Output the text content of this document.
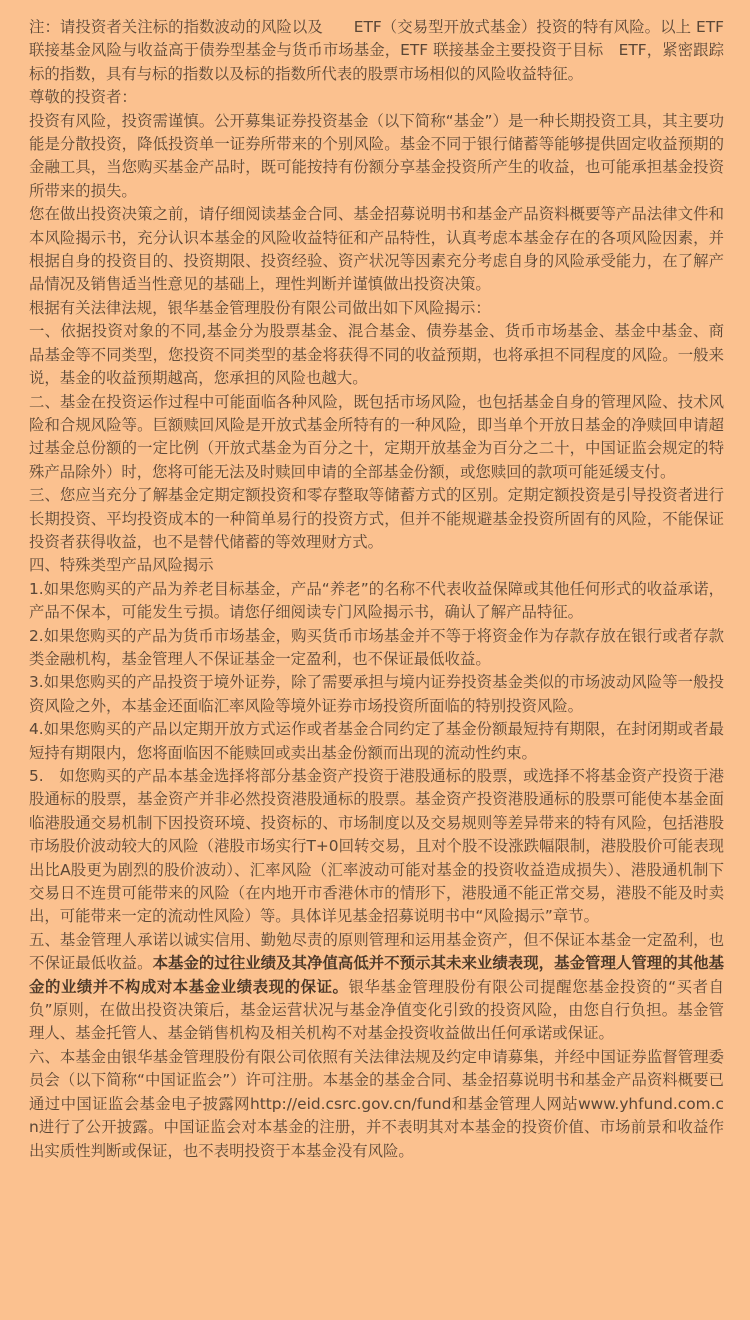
注：请投资者关注标的指数波动的风险以及　　ETF（交易型开放式基金）投资的特有风险。以上 ETF 联接基金风险与收益高于债券型基金与货币市场基金，ETF 联接基金主要投资于目标　ETF，紧密跟踪标的指数，具有与标的指数以及标的指数所代表的股票市场相似的风险收益特征。

尊敬的投资者：

投资有风险，投资需谨慎。公开募集证券投资基金（以下简称“基金”）是一种长期投资工具，其主要功能是分散投资，降低投资单一证券所带来的个别风险。基金不同于银行储蓄等能够提供固定收益预期的金融工具，当您购买基金产品时，既可能按持有份额分享基金投资所产生的收益，也可能承担基金投资所带来的损失。

您在做出投资决策之前，请仔细阅读基金合同、基金招募说明书和基金产品资料概要等产品法律文件和本风险揭示书，充分认识本基金的风险收益特征和产品特性，认真考虑本基金存在的各项风险因素，并根据自身的投资目的、投资期限、投资经验、资产状况等因素充分考虑自身的风险承受能力，在了解产品情况及销售适当性意见的基础上，理性判断并谨慎做出投资决策。

根据有关法律法规，银华基金管理股份有限公司做出如下风险揭示：

一、依据投资对象的不同,基金分为股票基金、混合基金、债券基金、货币市场基金、基金中基金、商品基金等不同类型，您投资不同类型的基金将获得不同的收益预期，也将承担不同程度的风险。一般来说，基金的收益预期越高，您承担的风险也越大。

二、基金在投资运作过程中可能面临各种风险，既包括市场风险，也包括基金自身的管理风险、技术风险和合规风险等。巨额赎回风险是开放式基金所特有的一种风险，即当单个开放日基金的净赎回申请超过基金总份额的一定比例（开放式基金为百分之十，定期开放基金为百分之二十，中国证监会规定的特殊产品除外）时，您将可能无法及时赎回申请的全部基金份额，或您赎回的款项可能延缓支付。

三、您应当充分了解基金定期定额投资和零存整取等储蓄方式的区别。定期定额投资是引导投资者进行长期投资、平均投资成本的一种简单易行的投资方式，但并不能规避基金投资所固有的风险，不能保证投资者获得收益，也不是替代储蓄的等效理财方式。

四、特殊类型产品风险揭示

1.如果您购买的产品为养老目标基金，产品“养老”的名称不代表收益保障或其他任何形式的收益承诺，产品不保本，可能发生亏损。请您仔细阅读专门风险揭示书，确认了解产品特征。

2.如果您购买的产品为货币市场基金，购买货币市场基金并不等于将资金作为存款存放在银行或者存款类金融机构，基金管理人不保证基金一定盈利，也不保证最低收益。

3.如果您购买的产品投资于境外证券，除了需要承担与境内证券投资基金类似的市场波动风险等一般投资风险之外，本基金还面临汇率风险等境外证券市场投资所面临的特别投资风险。

4.如果您购买的产品以定期开放方式运作或者基金合同约定了基金份额最短持有期限，在封闭期或者最短持有期限内，您将面临因不能赎回或卖出基金份额而出现的流动性约束。

5.　如您购买的产品本基金选择将部分基金资产投资于港股通标的股票，或选择不将基金资产投资于港股通标的股票，基金资产并非必然投资港股通标的股票。基金资产投资港股通标的股票可能使本基金面临港股通交易机制下因投资环境、投资标的、市场制度以及交易规则等差异带来的特有风险，包括港股市场股价波动较大的风险（港股市场实行T+0回转交易，且对个股不设涨跌幅限制，港股股价可能表现出比A股更为剧烈的股价波动）、汇率风险（汇率波动可能对基金的投资收益造成损失）、港股通机制下交易日不连贯可能带来的风险（在内地开市香港休市的情形下，港股通不能正常交易，港股不能及时卖出，可能带来一定的流动性风险）等。具体详见基金招募说明书中“风险揭示”章节。

五、基金管理人承诺以诚实信用、勤勉尽责的原则管理和运用基金资产，但不保证本基金一定盈利，也不保证最低收益。本基金的过往业绩及其净值高低并不预示其未来业绩表现，基金管理人管理的其他基金的业绩并不构成对本基金业绩表现的保证。银华基金管理股份有限公司提醒您基金投资的“买者自负”原则，在做出投资决策后，基金运营状况与基金净值变化引致的投资风险，由您自行负担。基金管理人、基金托管人、基金销售机构及相关机构不对基金投资收益做出任何承诺或保证。

六、本基金由银华基金管理股份有限公司依照有关法律法规及约定申请募集，并经中国证券监督管理委员会（以下简称“中国证监会”）许可注册。本基金的基金合同、基金招募说明书和基金产品资料概要已通过中国证监会基金电子披露网http://eid.csrc.gov.cn/fund和基金管理人网站www.yhfund.com.cn进行了公开披露。中国证监会对本基金的注册，并不表明其对本基金的投资价值、市场前景和收益作出实质性判断或保证，也不表明投资于本基金没有风险。
